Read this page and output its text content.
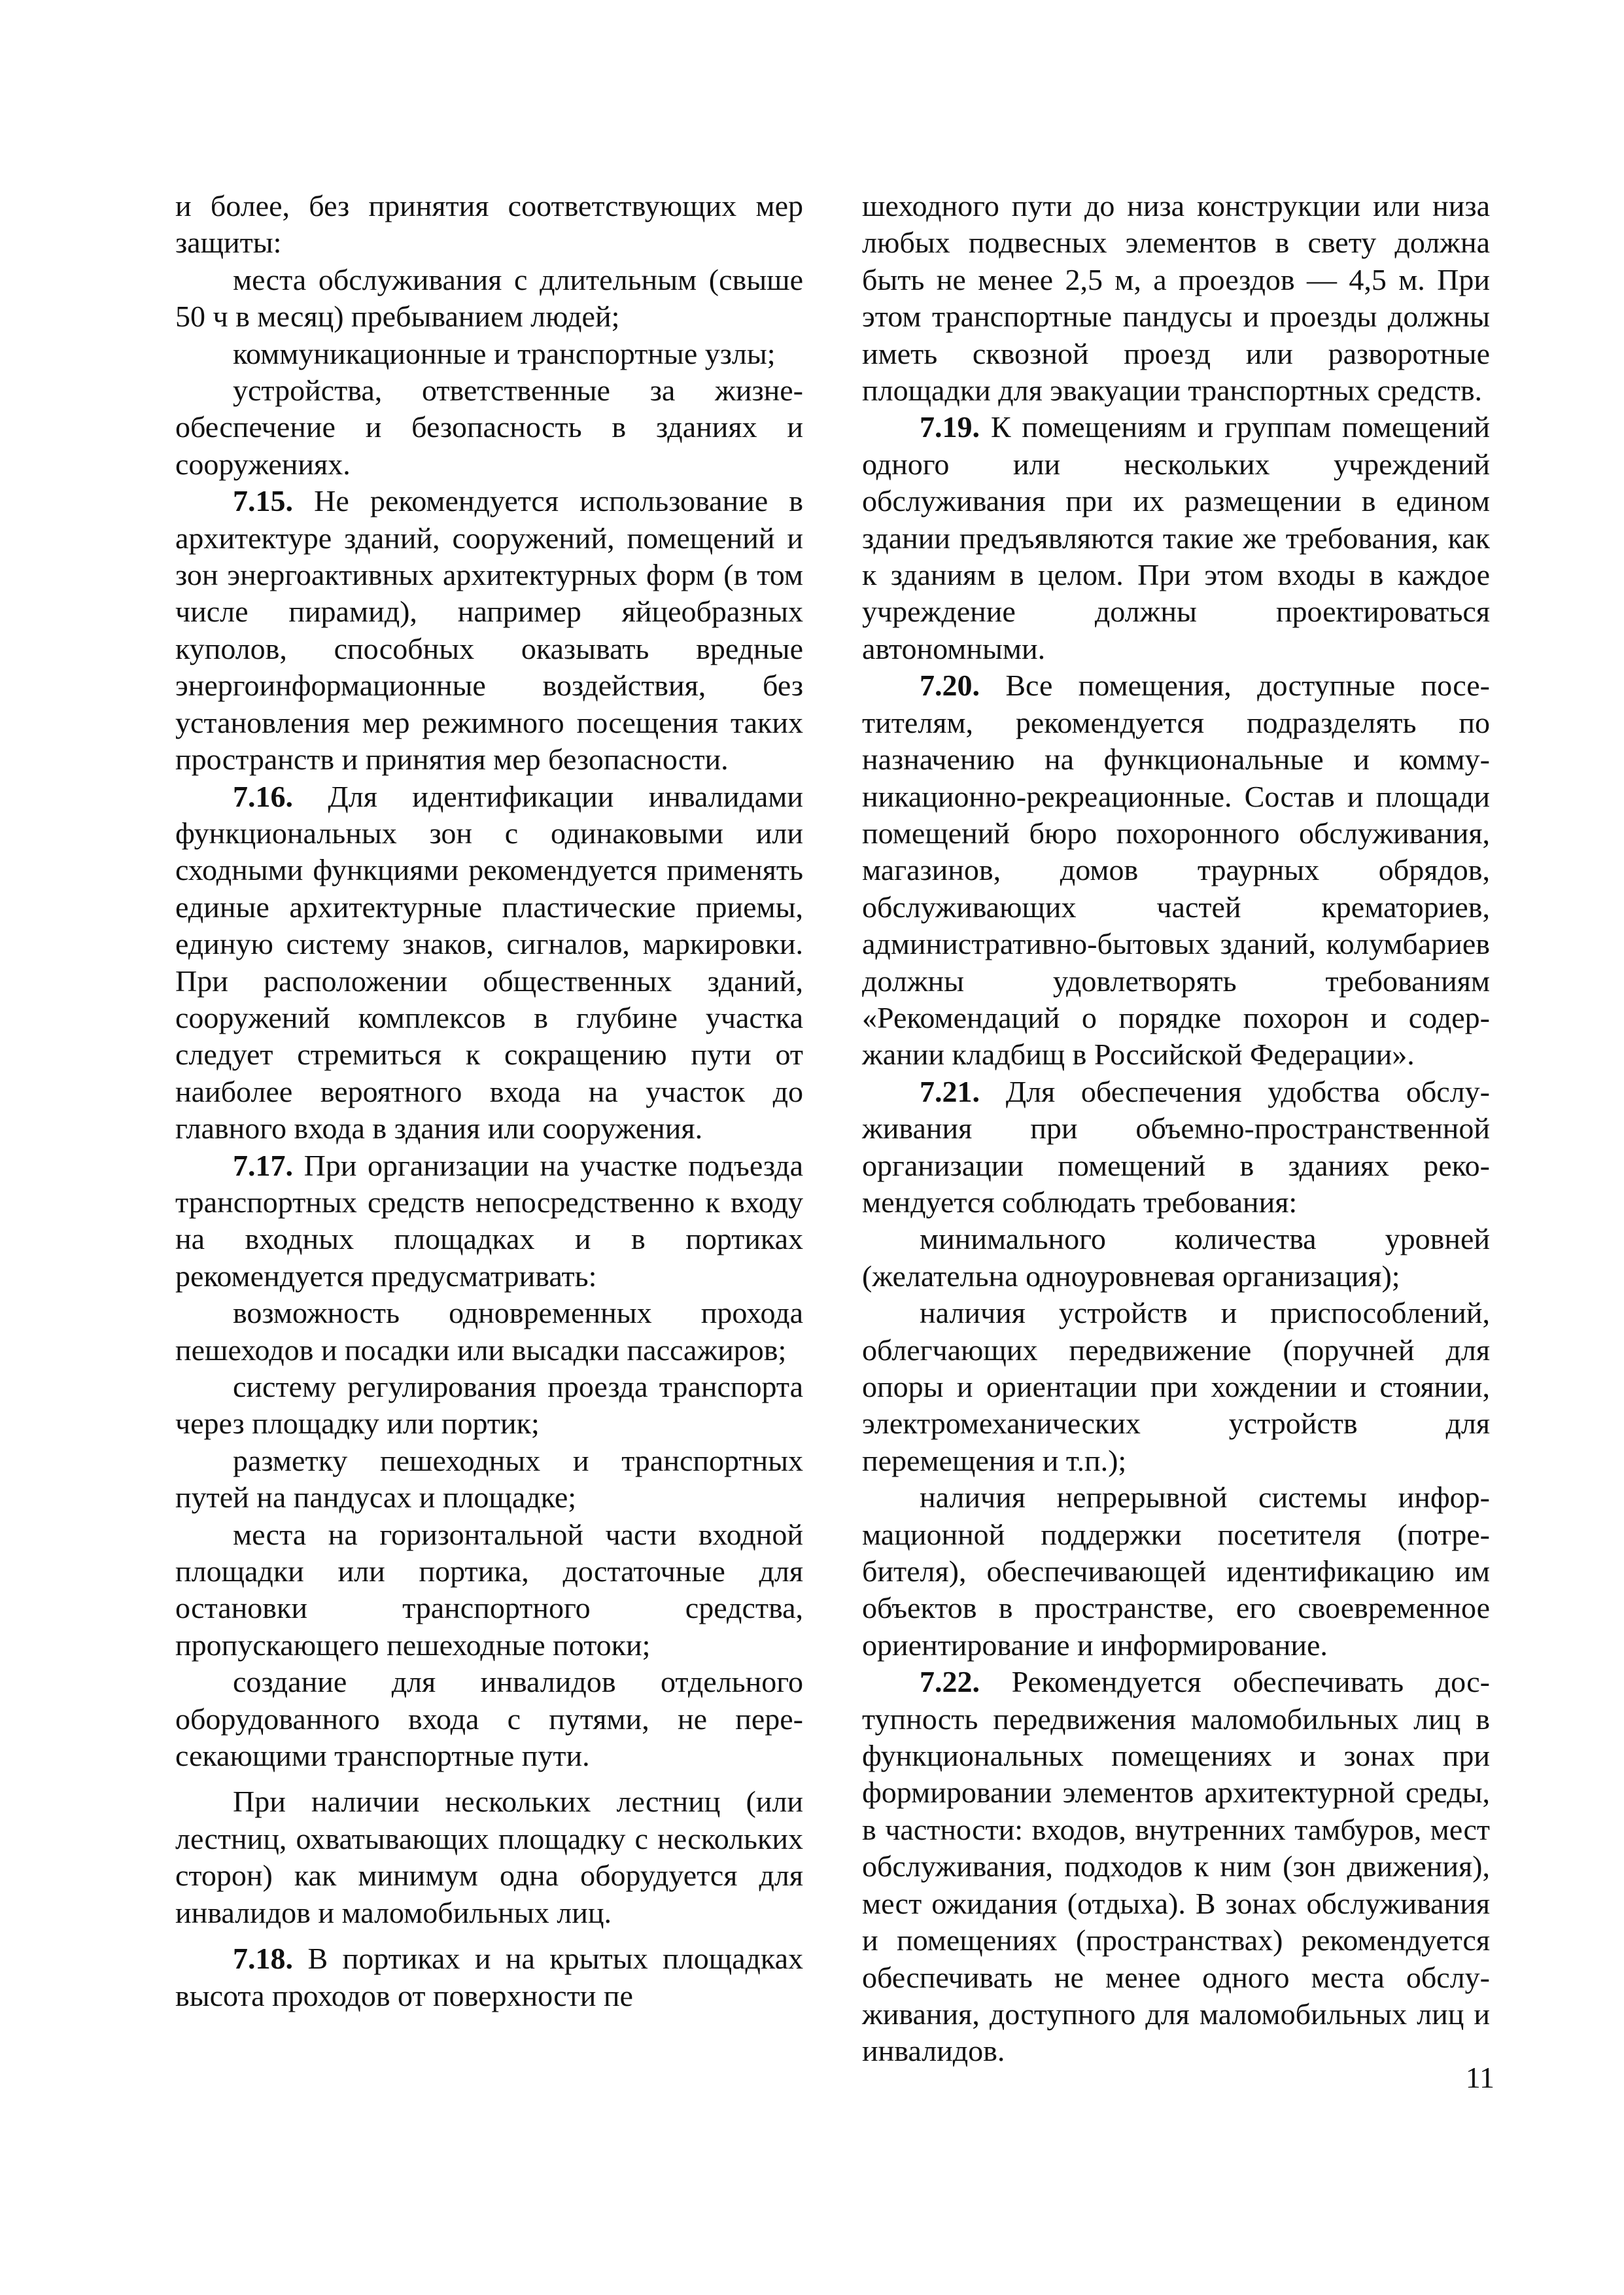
и более, без принятия соответствующих мер защиты:

места обслуживания с длительным (свыше 50 ч в месяц) пребыванием людей;

коммуникационные и транспортные узлы;

устройства, ответственные за жизнеобеспечение и безопасность в зданиях и сооружениях.

7.15. Не рекомендуется использование в архитектуре зданий, сооружений, помещений и зон энергоактивных архитектурных форм (в том числе пирамид), например яйцеобразных куполов, способных оказывать вредные энергоинформационные воздействия, без установления мер режимного посещения таких пространств и принятия мер безопасности.

7.16. Для идентификации инвалидами функциональных зон с одинаковыми или сходными функциями рекомендуется применять единые архитектурные пластические приемы, единую систему знаков, сигналов, маркировки. При расположении общественных зданий, сооружений комплексов в глубине участка следует стремиться к сокращению пути от наиболее вероятного входа на участок до главного входа в здания или сооружения.

7.17. При организации на участке подъезда транспортных средств непосредственно к входу на входных площадках и в портиках рекомендуется предусматривать:

возможность одновременных прохода пешеходов и посадки или высадки пассажиров;

систему регулирования проезда транспорта через площадку или портик;

разметку пешеходных и транспортных путей на пандусах и площадке;

места на горизонтальной части входной площадки или портика, достаточные для остановки транспортного средства, пропускающего пешеходные потоки;

создание для инвалидов отдельного оборудованного входа с путями, не пересекающими транспортные пути.

При наличии нескольких лестниц (или лестниц, охватывающих площадку с нескольких сторон) как минимум одна оборудуется для инвалидов и маломобильных лиц.

7.18. В портиках и на крытых площадках высота проходов от поверхности пе

шеходного пути до низа конструкции или низа любых подвесных элементов в свету должна быть не менее 2,5 м, а проездов — 4,5 м. При этом транспортные пандусы и проезды должны иметь сквозной проезд или разворотные площадки для эвакуации транспортных средств.

7.19. К помещениям и группам помещений одного или нескольких учреждений обслуживания при их размещении в едином здании предъявляются такие же требования, как к зданиям в целом. При этом входы в каждое учреждение должны проектироваться автономными.

7.20. Все помещения, доступные посетителям, рекомендуется подразделять по назначению на функциональные и коммуникационно-рекреационные. Состав и площади помещений бюро похоронного обслуживания, магазинов, домов траурных обрядов, обслуживающих частей крематориев, административно-бытовых зданий, колумбариев должны удовлетворять требованиям «Рекомендаций о порядке похорон и содержании кладбищ в Российской Федерации».

7.21. Для обеспечения удобства обслуживания при объемно-пространственной организации помещений в зданиях рекомендуется соблюдать требования:

минимального количества уровней (желательна одноуровневая организация);

наличия устройств и приспособлений, облегчающих передвижение (поручней для опоры и ориентации при хождении и стоянии, электромеханических устройств для перемещения и т.п.);

наличия непрерывной системы информационной поддержки посетителя (потребителя), обеспечивающей идентификацию им объектов в пространстве, его своевременное ориентирование и информирование.

7.22. Рекомендуется обеспечивать доступность передвижения маломобильных лиц в функциональных помещениях и зонах при формировании элементов архитектурной среды, в частности: входов, внутренних тамбуров, мест обслуживания, подходов к ним (зон движения), мест ожидания (отдыха). В зонах обслуживания и помещениях (пространствах) рекомендуется обеспечивать не менее одного места обслуживания, доступного для маломобильных лиц и инвалидов.

11
